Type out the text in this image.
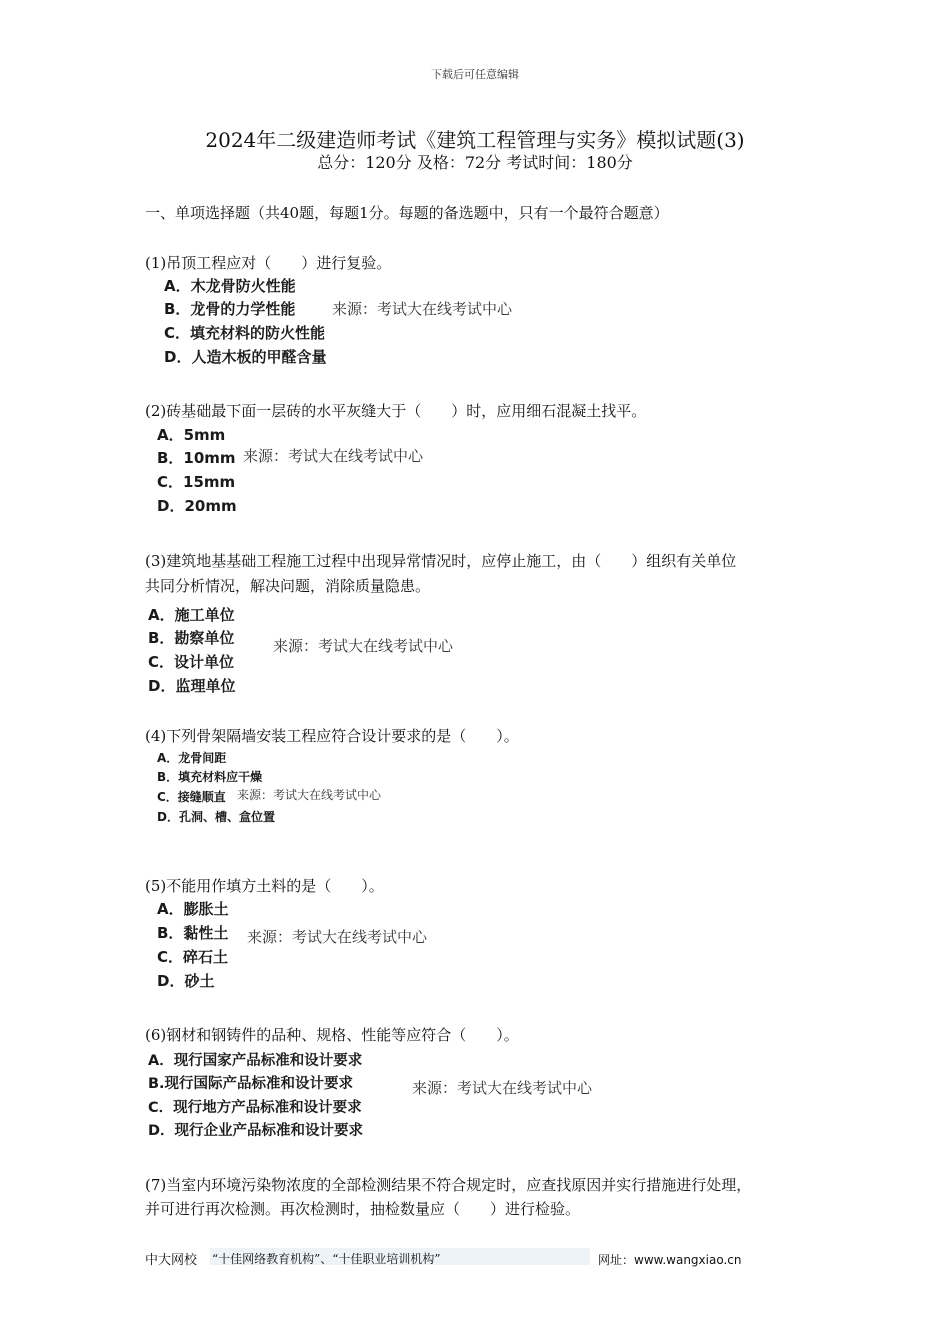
下载后可任意编辑
2024年二级建造师考试《建筑工程管理与实务》模拟试题(3)
总分：120分 及格：72分 考试时间：180分
一、单项选择题（共40题，每题1分。每题的备选题中，只有一个最符合题意）
(1)吊顶工程应对（　　）进行复验。
A．木龙骨防火性能
B．龙骨的力学性能 来源：考试大在线考试中心
C．填充材料的防火性能
D．人造木板的甲醛含量
(2)砖基础最下面一层砖的水平灰缝大于（　　）时，应用细石混凝土找平。
A．5mm
B．10mm 来源：考试大在线考试中心
C．15mm
D．20mm
(3)建筑地基基础工程施工过程中出现异常情况时，应停止施工，由（　　）组织有关单位
共同分析情况，解决问题，消除质量隐患。
A．施工单位
B．勘察单位	来源：考试大在线考试中心
C．设计单位
D．监理单位
(4)下列骨架隔墙安装工程应符合设计要求的是（　　）。
A．龙骨间距
B．填充材料应干燥
C．接缝顺直 来源：考试大在线考试中心
D．孔洞、槽、盒位置
(5)不能用作填方土料的是（　　）。
A．膨胀土
B．黏性土 来源：考试大在线考试中心
C．碎石土
D．砂土
(6)钢材和钢铸件的品种、规格、性能等应符合（　　）。
A．现行国家产品标准和设计要求
B.现行国际产品标准和设计要求	来源：考试大在线考试中心
C．现行地方产品标准和设计要求
D．现行企业产品标准和设计要求
(7)当室内环境污染物浓度的全部检测结果不符合规定时，应查找原因并实行措施进行处理，
并可进行再次检测。再次检测时，抽检数量应（　　）进行检验。
中大网校 “十佳网络教育机构”、“十佳职业培训机构”	网址：www.wangxiao.cn
